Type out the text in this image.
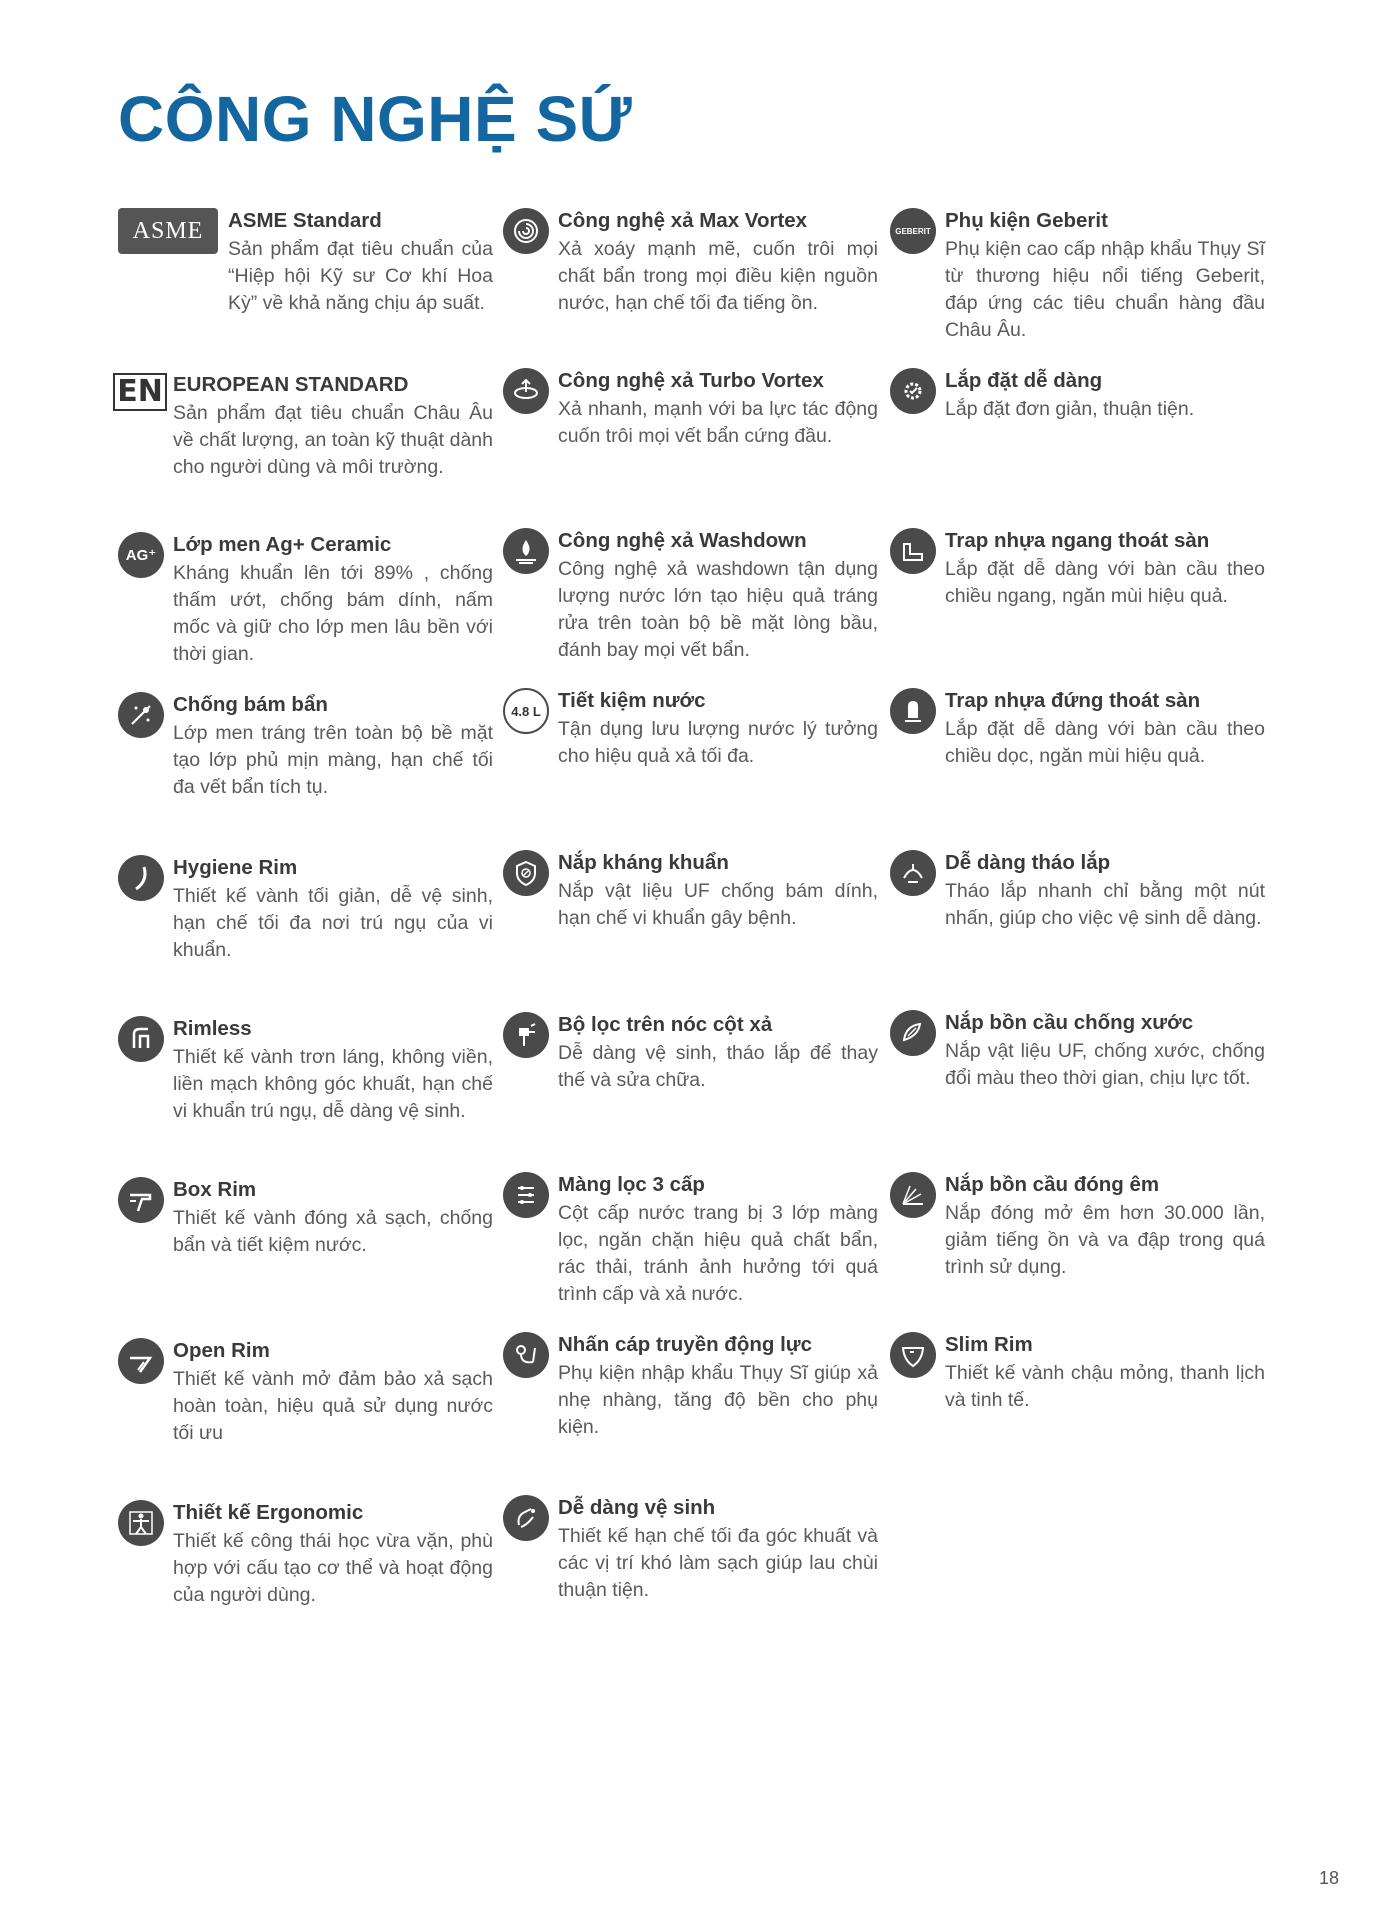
CÔNG NGHỆ SỨ
ASME ASME Standard

Sản phẩm đạt tiêu chuẩn của “Hiệp hội Kỹ sư Cơ khí Hoa Kỳ” về khả năng chịu áp suất.

EN EUROPEAN STANDARD

Sản phẩm đạt tiêu chuẩn Châu Âu về chất lượng, an toàn kỹ thuật dành cho người dùng và môi trường.

AG⁺ Lớp men Ag+ Ceramic

Kháng khuẩn lên tới 89% , chống thấm ướt, chống bám dính, nấm mốc và giữ cho lớp men lâu bền với thời gian.

Chống bám bẩn

Lớp men tráng trên toàn bộ bề mặt tạo lớp phủ mịn màng, hạn chế tối đa vết bẩn tích tụ.

Hygiene Rim

Thiết kế vành tối giản, dễ vệ sinh, hạn chế tối đa nơi trú ngụ của vi khuẩn.

Rimless

Thiết kế vành trơn láng, không viền, liền mạch không góc khuất, hạn chế vi khuẩn trú ngụ, dễ dàng vệ sinh.

Box Rim

Thiết kế vành đóng xả sạch, chống bẩn và tiết kiệm nước.

Open Rim

Thiết kế vành mở đảm bảo xả sạch hoàn toàn, hiệu quả sử dụng nước tối ưu

Thiết kế Ergonomic

Thiết kế công thái học vừa vặn, phù hợp với cấu tạo cơ thể và hoạt động của người dùng.

Công nghệ xả Max Vortex

Xả xoáy mạnh mẽ, cuốn trôi mọi chất bẩn trong mọi điều kiện nguồn nước, hạn chế tối đa tiếng ồn.

Công nghệ xả Turbo Vortex

Xả nhanh, mạnh với ba lực tác động cuốn trôi mọi vết bẩn cứng đầu.

Công nghệ xả Washdown

Công nghệ xả washdown tận dụng lượng nước lớn tạo hiệu quả tráng rửa trên toàn bộ bề mặt lòng bầu, đánh bay mọi vết bẩn.

4.8 L Tiết kiệm nước

Tận dụng lưu lượng nước lý tưởng cho hiệu quả xả tối đa.

Nắp kháng khuẩn

Nắp vật liệu UF chống bám dính, hạn chế vi khuẩn gây bệnh.

Bộ lọc trên nóc cột xả

Dễ dàng vệ sinh, tháo lắp để thay thế và sửa chữa.

Màng lọc 3 cấp

Cột cấp nước trang bị 3 lớp màng lọc, ngăn chặn hiệu quả chất bẩn, rác thải, tránh ảnh hưởng tới quá trình cấp và xả nước.

Nhấn cáp truyền động lực

Phụ kiện nhập khẩu Thụy Sĩ giúp xả nhẹ nhàng, tăng độ bền cho phụ kiện.

Dễ dàng vệ sinh

Thiết kế hạn chế tối đa góc khuất và các vị trí khó làm sạch giúp lau chùi thuận tiện.

GEBERIT Phụ kiện Geberit

Phụ kiện cao cấp nhập khẩu Thụy Sĩ từ thương hiệu nổi tiếng Geberit, đáp ứng các tiêu chuẩn hàng đầu Châu Âu.

Lắp đặt dễ dàng

Lắp đặt đơn giản, thuận tiện.

Trap nhựa ngang thoát sàn

Lắp đặt dễ dàng với bàn cầu theo chiều ngang, ngăn mùi hiệu quả.

Trap nhựa đứng thoát sàn

Lắp đặt dễ dàng với bàn cầu theo chiều dọc, ngăn mùi hiệu quả.

Dễ dàng tháo lắp

Tháo lắp nhanh chỉ bằng một nút nhấn, giúp cho việc vệ sinh dễ dàng.

Nắp bồn cầu chống xước

Nắp vật liệu UF, chống xước, chống đổi màu theo thời gian, chịu lực tốt.

Nắp bồn cầu đóng êm

Nắp đóng mở êm hơn 30.000 lần, giảm tiếng ồn và va đập trong quá trình sử dụng.

Slim Rim

Thiết kế vành chậu mỏng, thanh lịch và tinh tế.

18
